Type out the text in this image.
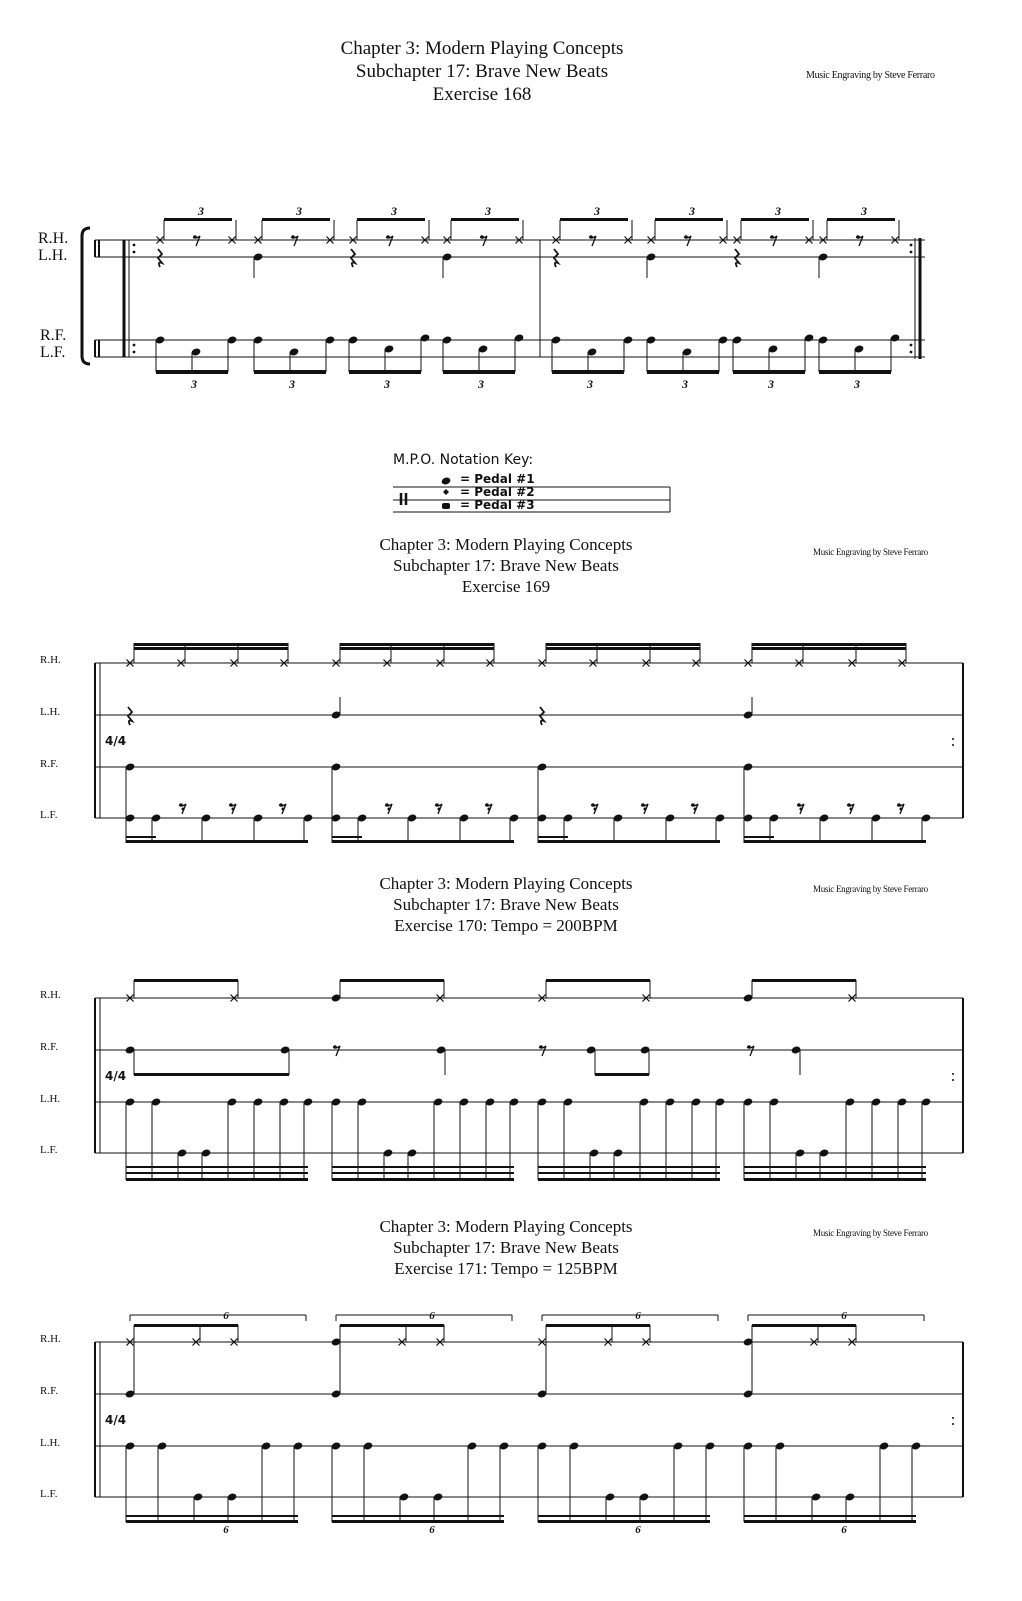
Chapter 3: Modern Playing Concepts
Subchapter 17: Brave New Beats
Exercise 168
Music Engraving by Steve Ferraro
R.H.
L.H.
R.F.
L.F.
M.P.O. Notation Key:
= Pedal #1
= Pedal #2
= Pedal #3
Chapter 3: Modern Playing Concepts
Subchapter 17: Brave New Beats
Exercise 169
Music Engraving by Steve Ferraro
Chapter 3: Modern Playing Concepts
Subchapter 17: Brave New Beats
Exercise 170: Tempo = 200BPM
Music Engraving by Steve Ferraro
Chapter 3: Modern Playing Concepts
Subchapter 17: Brave New Beats
Exercise 171: Tempo = 125BPM
Music Engraving by Steve Ferraro
R.H.
L.H.
R.F.
L.F.
R.H.
R.F.
L.H.
L.F.
R.H.
R.F.
L.H.
L.F.
3
3
3
3
3
3
3
3
3
3
3
3
3
3
3
3
6
6
6
6
6
6
6
6
4/4
4/4
4/4
